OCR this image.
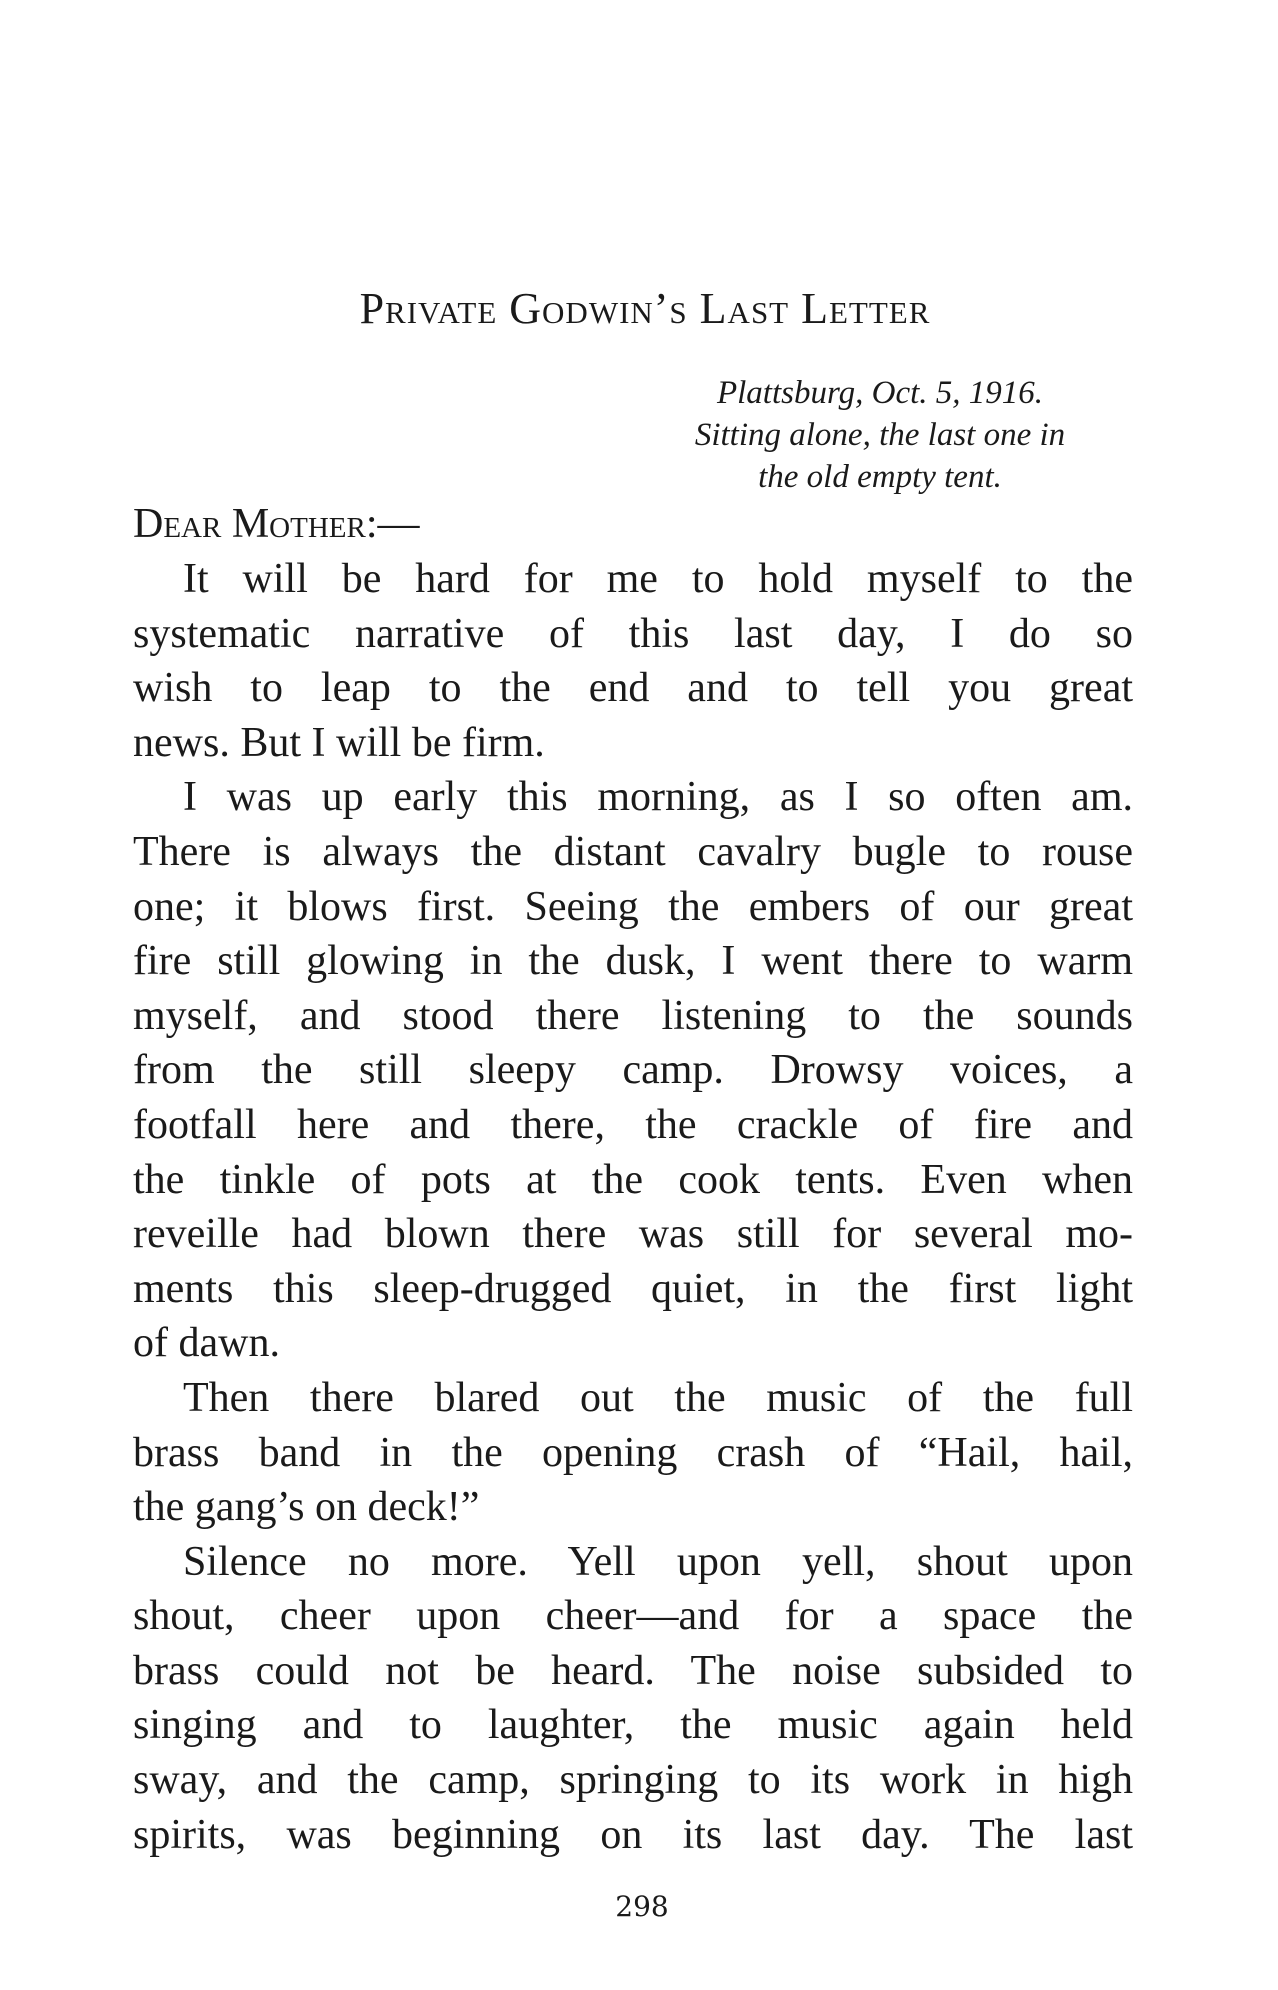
Private Godwin’s Last Letter
Plattsburg, Oct. 5, 1916.
Sitting alone, the last one in
the old empty tent.

Dear Mother:—

It will be hard for me to hold myself to the
systematic narrative of this last day, I do so
wish to leap to the end and to tell you great
news. But I will be firm.
I was up early this morning, as I so often am.
There is always the distant cavalry bugle to rouse
one; it blows first. Seeing the embers of our great
fire still glowing in the dusk, I went there to warm
myself, and stood there listening to the sounds
from the still sleepy camp. Drowsy voices, a
footfall here and there, the crackle of fire and
the tinkle of pots at the cook tents. Even when
reveille had blown there was still for several mo-
ments this sleep-drugged quiet, in the first light
of dawn.
Then there blared out the music of the full
brass band in the opening crash of “Hail, hail,
the gang’s on deck!”
Silence no more. Yell upon yell, shout upon
shout, cheer upon cheer—and for a space the
brass could not be heard. The noise subsided to
singing and to laughter, the music again held
sway, and the camp, springing to its work in high
spirits, was beginning on its last day. The last
298
